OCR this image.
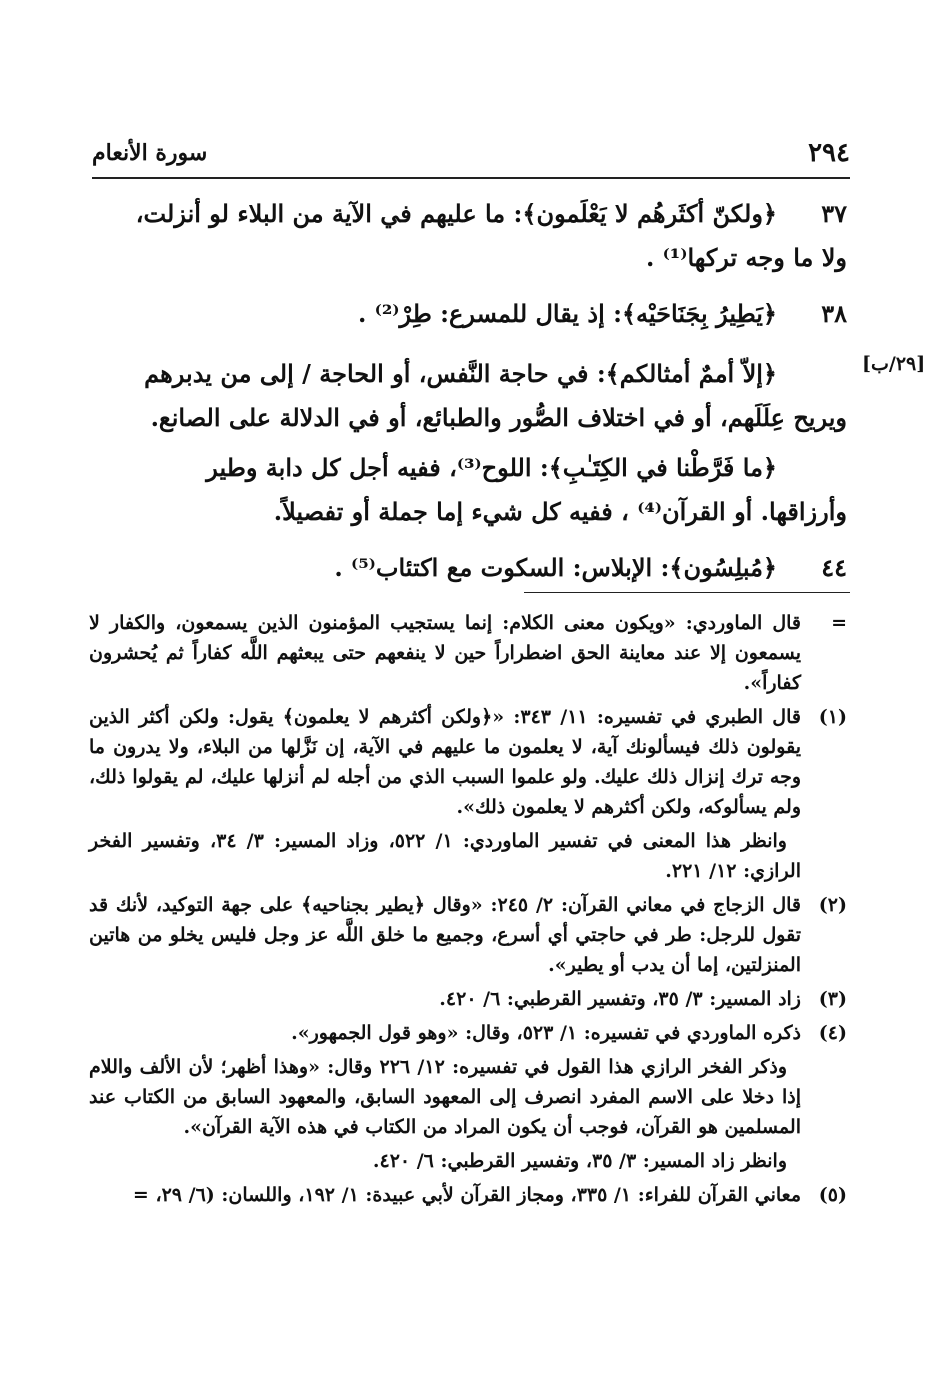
٢٩٤
سورة الأنعام
[٢٩/ب]
٣٧
﴿ولكنّ أكثَرهُم لا يَعْلَمون﴾: ما عليهم في الآية من البلاء لو أنزلت،
ولا ما وجه تركها⁽¹⁾ .
٣٨
﴿يَطِيرُ بِجَنَاحَيْه﴾: إذ يقال للمسرع: طِرْ⁽²⁾ .
﴿إلاّ أممٌ أمثالكم﴾: في حاجة النَّفس، أو الحاجة / إلى من يدبرهم
ويريح عِلَلَهم، أو في اختلاف الصُّور والطبائع، أو في الدلالة على الصانع.
﴿ما فَرَّطْنا في الكِتَـٰبِ﴾: اللوح⁽³⁾، ففيه أجل كل دابة وطير
وأرزاقها. أو القرآن⁽⁴⁾ ، ففيه كل شيء إما جملة أو تفصيلاً.
٤٤
﴿مُبلِسُون﴾: الإبلاس: السكوت مع اكتئاب⁽⁵⁾ .
=

قال الماوردي: «ويكون معنى الكلام: إنما يستجيب المؤمنون الذين يسمعون، والكفار لا يسمعون إلا عند معاينة الحق اضطراراً حين لا ينفعهم حتى يبعثهم اللَّه كفاراً ثم يُحشرون كفاراً».

(١)

قال الطبري في تفسيره: ١١/ ٣٤٣: «﴿ولكن أكثرهم لا يعلمون﴾ يقول: ولكن أكثر الذين يقولون ذلك فيسألونك آية، لا يعلمون ما عليهم في الآية، إن نَزَّلها من البلاء، ولا يدرون ما وجه ترك إنزال ذلك عليك. ولو علموا السبب الذي من أجله لم أنزلها عليك، لم يقولوا ذلك، ولم يسألوكه، ولكن أكثرهم لا يعلمون ذلك».

وانظر هذا المعنى في تفسير الماوردي: ١/ ٥٢٢، وزاد المسير: ٣/ ٣٤، وتفسير الفخر الرازي: ١٢/ ٢٢١.

(٢)

قال الزجاج في معاني القرآن: ٢/ ٢٤٥: «وقال ﴿يطير بجناحيه﴾ على جهة التوكيد، لأنك قد تقول للرجل: طر في حاجتي أي أسرع، وجميع ما خلق اللَّه عز وجل فليس يخلو من هاتين المنزلتين، إما أن يدب أو يطير».

(٣)

زاد المسير: ٣/ ٣٥، وتفسير القرطبي: ٦/ ٤٢٠.

(٤)

ذكره الماوردي في تفسيره: ١/ ٥٢٣، وقال: «وهو قول الجمهور».

وذكر الفخر الرازي هذا القول في تفسيره: ١٢/ ٢٢٦ وقال: «وهذا أظهر؛ لأن الألف واللام إذا دخلا على الاسم المفرد انصرف إلى المعهود السابق، والمعهود السابق من الكتاب عند المسلمين هو القرآن، فوجب أن يكون المراد من الكتاب في هذه الآية القرآن».

وانظر زاد المسير: ٣/ ٣٥، وتفسير القرطبي: ٦/ ٤٢٠.

(٥)

معاني القرآن للفراء: ١/ ٣٣٥، ومجاز القرآن لأبي عبيدة: ١/ ١٩٢، واللسان: (٦/ ٢٩، =
